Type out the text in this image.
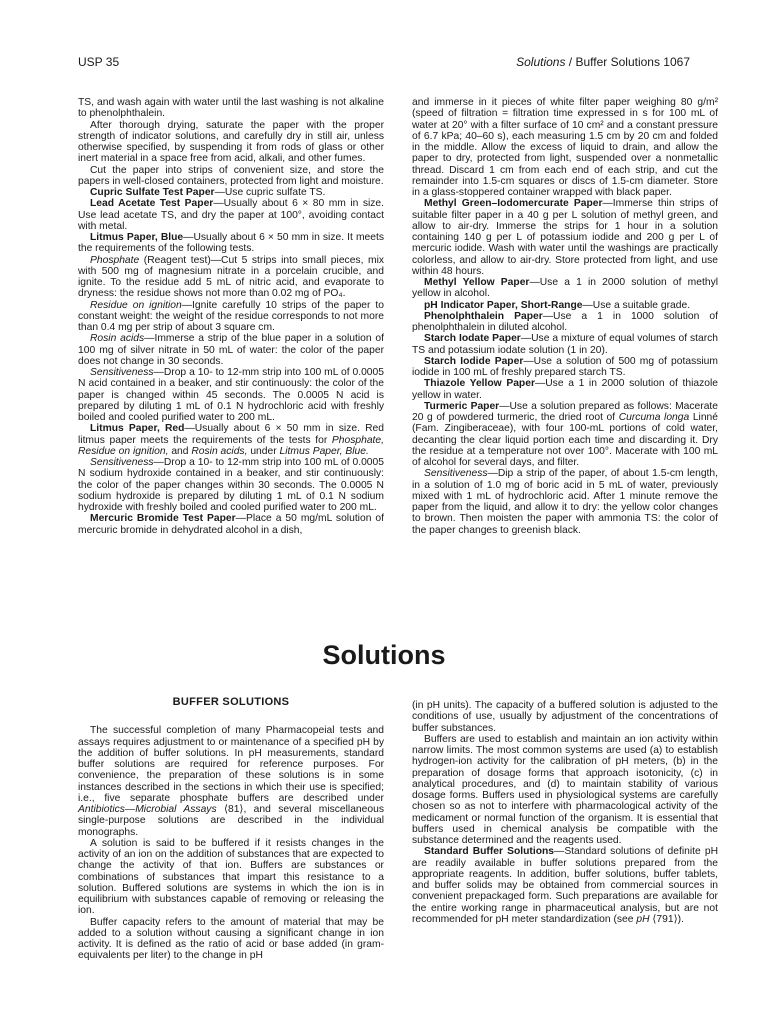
USP 35	Solutions / Buffer Solutions 1067

TS, and wash again with water until the last washing is not alkaline to phenolphthalein.

After thorough drying, saturate the paper with the proper strength of indicator solutions, and carefully dry in still air, unless otherwise specified, by suspending it from rods of glass or other inert material in a space free from acid, alkali, and other fumes.

Cut the paper into strips of convenient size, and store the papers in well-closed containers, protected from light and moisture.

Cupric Sulfate Test Paper—Use cupric sulfate TS.

Lead Acetate Test Paper—Usually about 6 × 80 mm in size. Use lead acetate TS, and dry the paper at 100°, avoiding contact with metal.

Litmus Paper, Blue—Usually about 6 × 50 mm in size. It meets the requirements of the following tests.

Phosphate (Reagent test)—Cut 5 strips into small pieces, mix with 500 mg of magnesium nitrate in a porcelain crucible, and ignite. To the residue add 5 mL of nitric acid, and evaporate to dryness: the residue shows not more than 0.02 mg of PO₄.

Residue on ignition—Ignite carefully 10 strips of the paper to constant weight: the weight of the residue corresponds to not more than 0.4 mg per strip of about 3 square cm.

Rosin acids—Immerse a strip of the blue paper in a solution of 100 mg of silver nitrate in 50 mL of water: the color of the paper does not change in 30 seconds.

Sensitiveness—Drop a 10- to 12-mm strip into 100 mL of 0.0005 N acid contained in a beaker, and stir continuously: the color of the paper is changed within 45 seconds. The 0.0005 N acid is prepared by diluting 1 mL of 0.1 N hydrochloric acid with freshly boiled and cooled purified water to 200 mL.

Litmus Paper, Red—Usually about 6 × 50 mm in size. Red litmus paper meets the requirements of the tests for Phosphate, Residue on ignition, and Rosin acids, under Litmus Paper, Blue.

Sensitiveness—Drop a 10- to 12-mm strip into 100 mL of 0.0005 N sodium hydroxide contained in a beaker, and stir continuously: the color of the paper changes within 30 seconds. The 0.0005 N sodium hydroxide is prepared by diluting 1 mL of 0.1 N sodium hydroxide with freshly boiled and cooled purified water to 200 mL.

Mercuric Bromide Test Paper—Place a 50 mg/mL solution of mercuric bromide in dehydrated alcohol in a dish,

and immerse in it pieces of white filter paper weighing 80 g/m² (speed of filtration = filtration time expressed in s for 100 mL of water at 20° with a filter surface of 10 cm² and a constant pressure of 6.7 kPa; 40–60 s), each measuring 1.5 cm by 20 cm and folded in the middle. Allow the excess of liquid to drain, and allow the paper to dry, protected from light, suspended over a nonmetallic thread. Discard 1 cm from each end of each strip, and cut the remainder into 1.5-cm squares or discs of 1.5-cm diameter. Store in a glass-stoppered container wrapped with black paper.

Methyl Green–Iodomercurate Paper—Immerse thin strips of suitable filter paper in a 40 g per L solution of methyl green, and allow to air-dry. Immerse the strips for 1 hour in a solution containing 140 g per L of potassium iodide and 200 g per L of mercuric iodide. Wash with water until the washings are practically colorless, and allow to air-dry. Store protected from light, and use within 48 hours.

Methyl Yellow Paper—Use a 1 in 2000 solution of methyl yellow in alcohol.

pH Indicator Paper, Short-Range—Use a suitable grade.

Phenolphthalein Paper—Use a 1 in 1000 solution of phenolphthalein in diluted alcohol.

Starch Iodate Paper—Use a mixture of equal volumes of starch TS and potassium iodate solution (1 in 20).

Starch Iodide Paper—Use a solution of 500 mg of potassium iodide in 100 mL of freshly prepared starch TS.

Thiazole Yellow Paper—Use a 1 in 2000 solution of thiazole yellow in water.

Turmeric Paper—Use a solution prepared as follows: Macerate 20 g of powdered turmeric, the dried root of Curcuma longa Linné (Fam. Zingiberaceae), with four 100-mL portions of cold water, decanting the clear liquid portion each time and discarding it. Dry the residue at a temperature not over 100°. Macerate with 100 mL of alcohol for several days, and filter.

Sensitiveness—Dip a strip of the paper, of about 1.5-cm length, in a solution of 1.0 mg of boric acid in 5 mL of water, previously mixed with 1 mL of hydrochloric acid. After 1 minute remove the paper from the liquid, and allow it to dry: the yellow color changes to brown. Then moisten the paper with ammonia TS: the color of the paper changes to greenish black.

Solutions
BUFFER SOLUTIONS

The successful completion of many Pharmacopeial tests and assays requires adjustment to or maintenance of a specified pH by the addition of buffer solutions. In pH measurements, standard buffer solutions are required for reference purposes. For convenience, the preparation of these solutions is in some instances described in the sections in which their use is specified; i.e., five separate phosphate buffers are described under Antibiotics—Microbial Assays ⟨81⟩, and several miscellaneous single-purpose solutions are described in the individual monographs.

A solution is said to be buffered if it resists changes in the activity of an ion on the addition of substances that are expected to change the activity of that ion. Buffers are substances or combinations of substances that impart this resistance to a solution. Buffered solutions are systems in which the ion is in equilibrium with substances capable of removing or releasing the ion.

Buffer capacity refers to the amount of material that may be added to a solution without causing a significant change in ion activity. It is defined as the ratio of acid or base added (in gram-equivalents per liter) to the change in pH

(in pH units). The capacity of a buffered solution is adjusted to the conditions of use, usually by adjustment of the concentrations of buffer substances.

Buffers are used to establish and maintain an ion activity within narrow limits. The most common systems are used (a) to establish hydrogen-ion activity for the calibration of pH meters, (b) in the preparation of dosage forms that approach isotonicity, (c) in analytical procedures, and (d) to maintain stability of various dosage forms. Buffers used in physiological systems are carefully chosen so as not to interfere with pharmacological activity of the medicament or normal function of the organism. It is essential that buffers used in chemical analysis be compatible with the substance determined and the reagents used.

Standard Buffer Solutions—Standard solutions of definite pH are readily available in buffer solutions prepared from the appropriate reagents. In addition, buffer solutions, buffer tablets, and buffer solids may be obtained from commercial sources in convenient prepackaged form. Such preparations are available for the entire working range in pharmaceutical analysis, but are not recommended for pH meter standardization (see pH ⟨791⟩).
